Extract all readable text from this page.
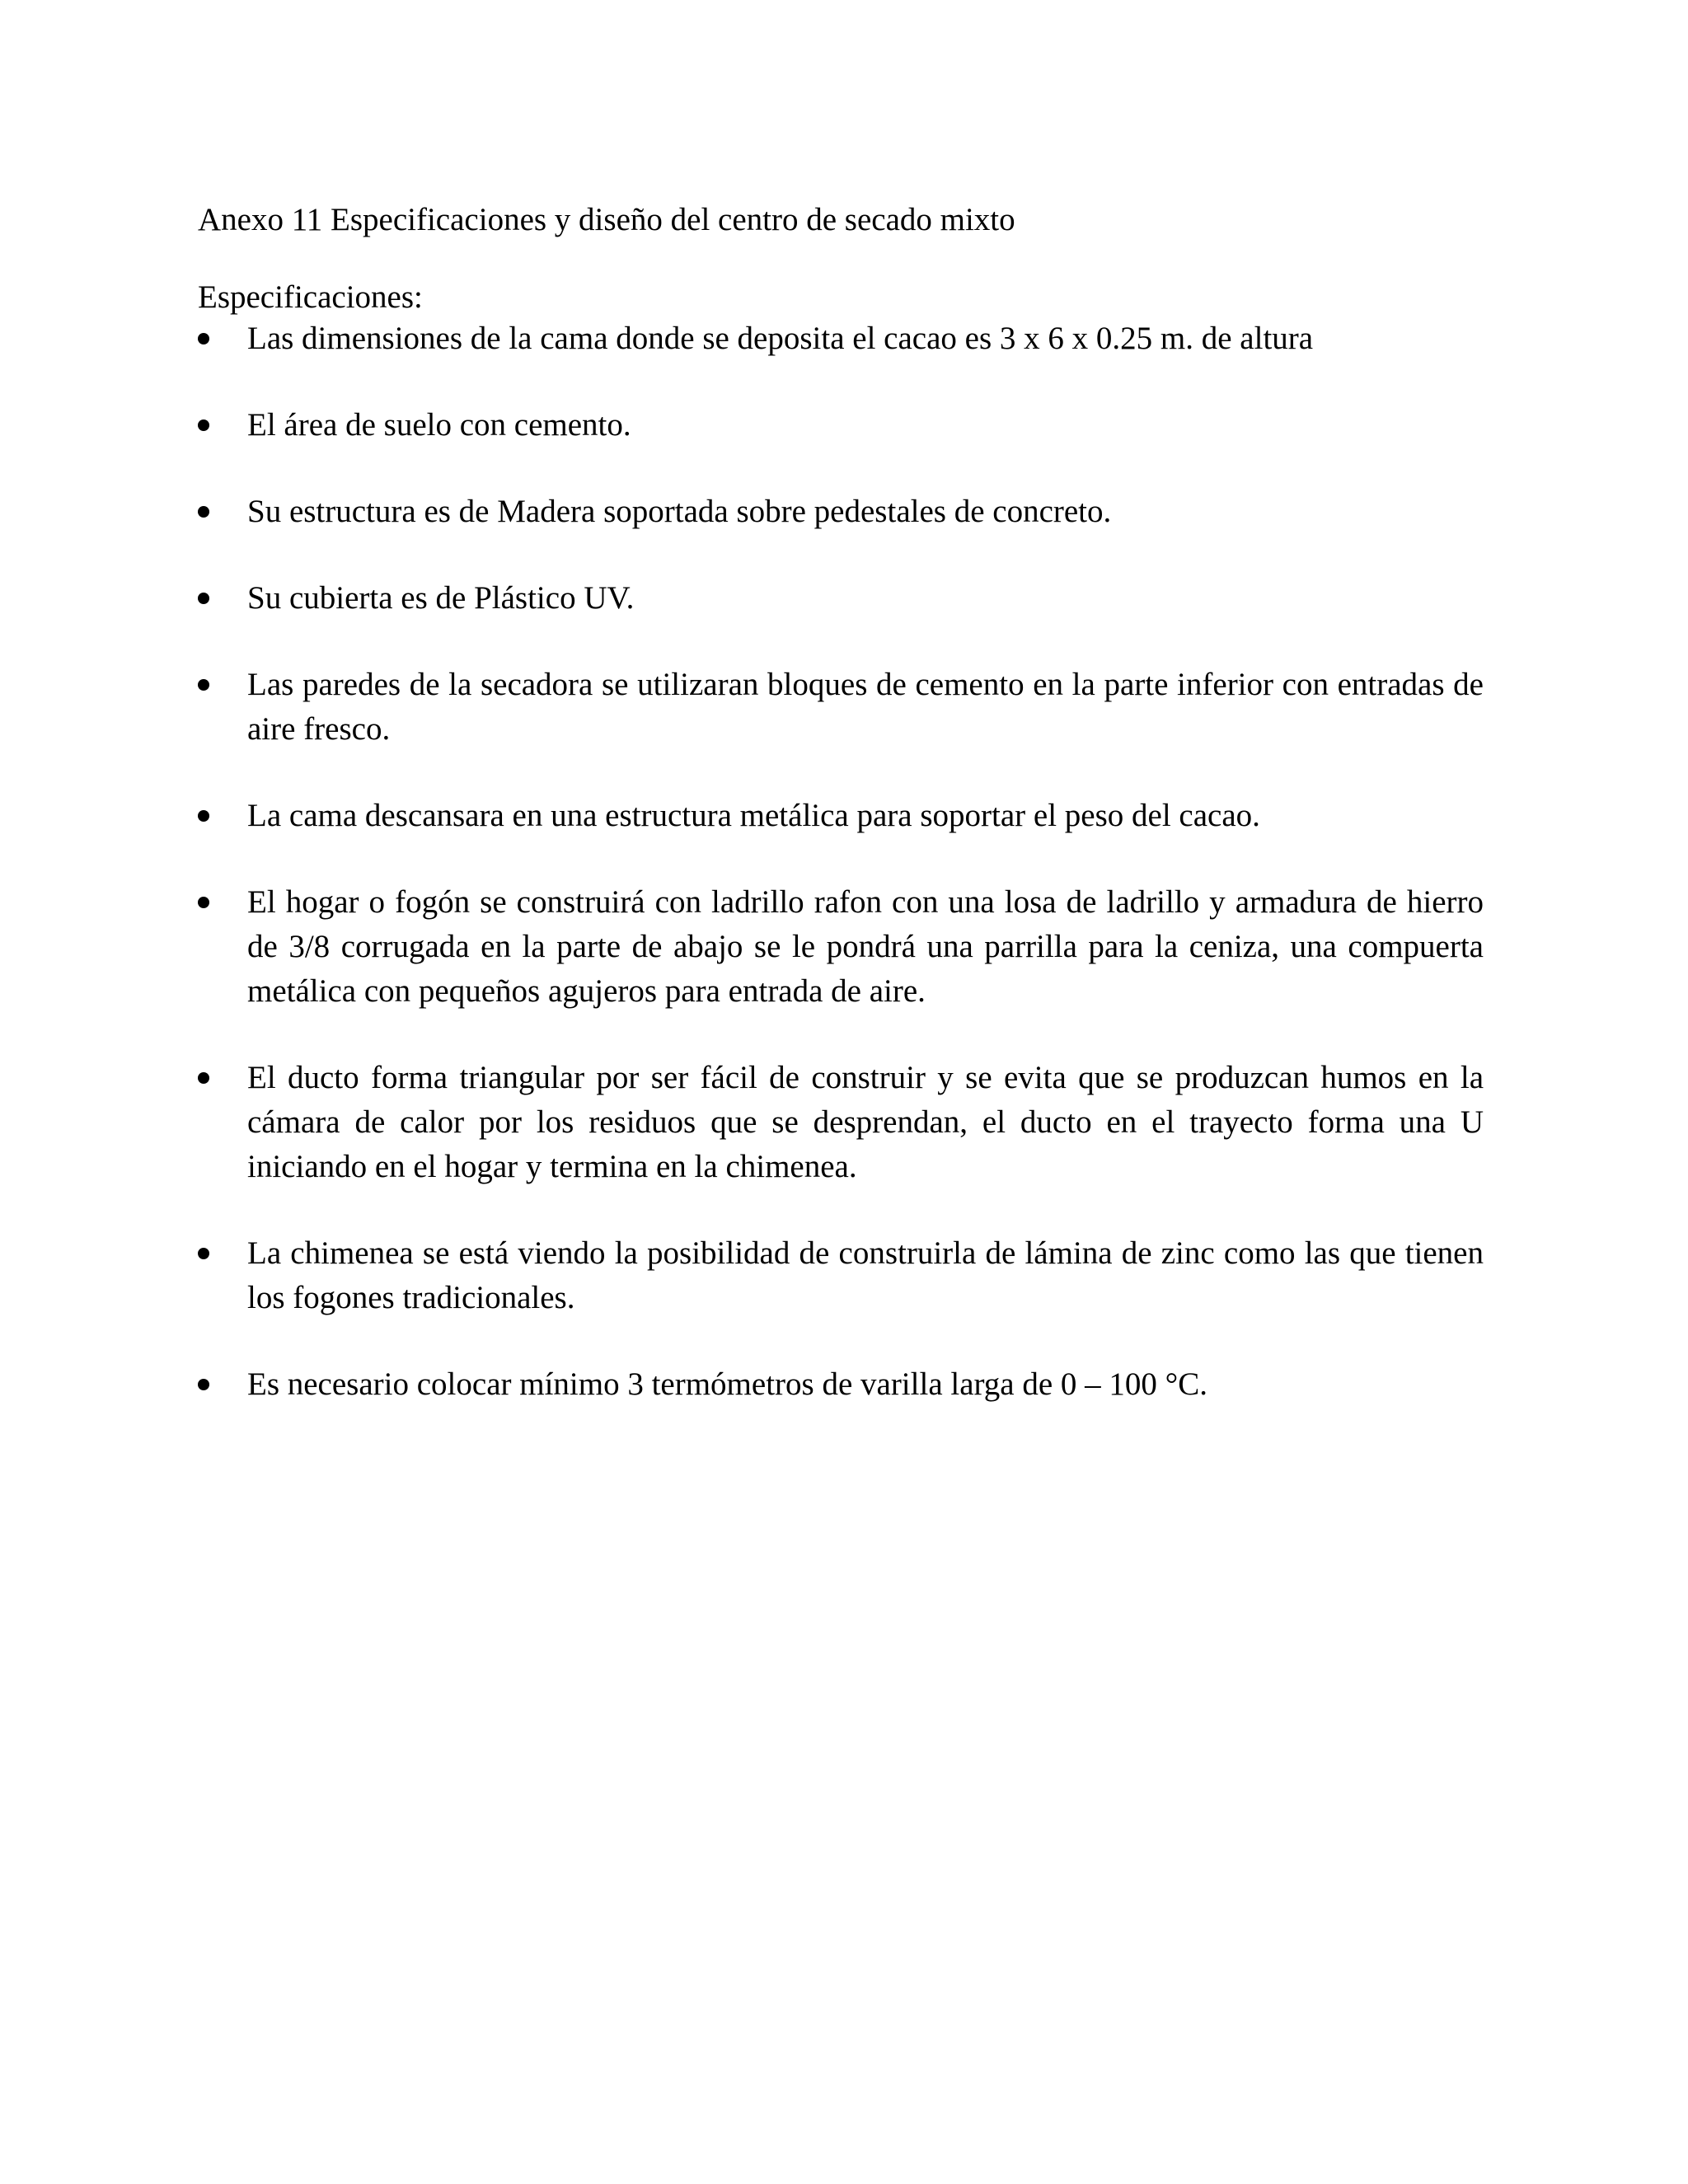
Anexo 11 Especificaciones y diseño del centro de secado mixto
Especificaciones:
Las dimensiones de la cama donde se deposita el cacao es 3 x 6 x 0.25 m. de altura
El área de suelo con cemento.
Su estructura es de Madera soportada sobre pedestales de concreto.
Su cubierta es de Plástico UV.
Las paredes de la secadora se utilizaran bloques de cemento en la parte inferior con entradas de aire fresco.
La cama descansara en una estructura metálica para soportar el peso del cacao.
El hogar o fogón se construirá con ladrillo rafon con una losa de ladrillo y armadura de hierro de 3/8 corrugada en la parte de abajo se le pondrá una parrilla para la ceniza, una compuerta metálica con pequeños agujeros para entrada de aire.
El ducto forma triangular por ser fácil de construir y se evita que se produzcan humos en la cámara de calor por los residuos que se desprendan, el ducto en el trayecto forma una U iniciando en el hogar y termina en la chimenea.
La chimenea se está viendo la posibilidad de construirla de lámina de zinc como las que tienen los fogones tradicionales.
Es necesario colocar mínimo 3 termómetros de varilla larga de 0 – 100 °C.
